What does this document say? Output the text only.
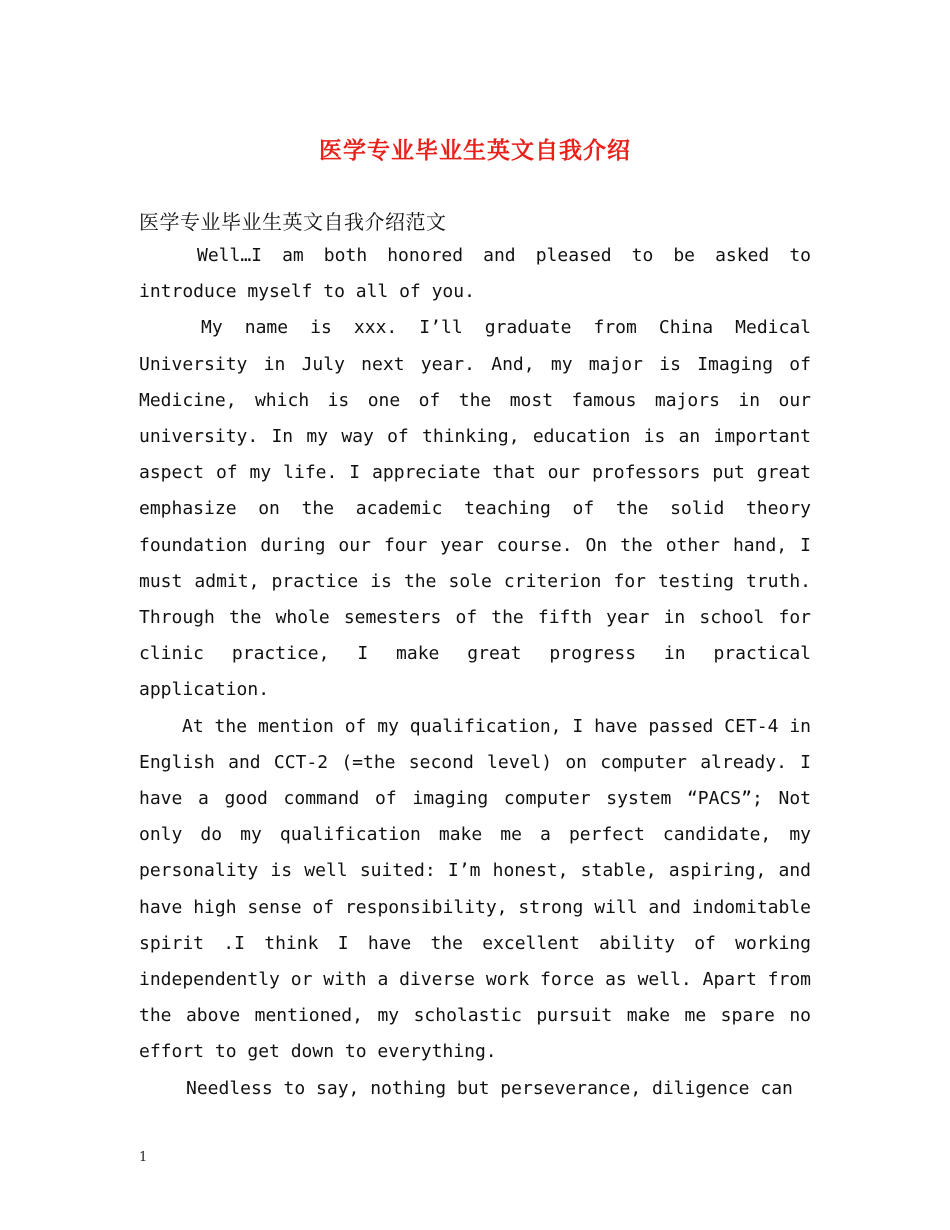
医学专业毕业生英文自我介绍
医学专业毕业生英文自我介绍范文

Well…I am both honored and pleased to be asked to introduce myself to all of you.

My name is xxx. I’ll graduate from China Medical University in July next year. And, my major is Imaging of Medicine, which is one of the most famous majors in our university. In my way of thinking, education is an important aspect of my life. I appreciate that our professors put great emphasize on the academic teaching of the solid theory foundation during our four year course. On the other hand, I must admit, practice is the sole criterion for testing truth. Through the whole semesters of the fifth year in school for clinic practice, I make great progress in practical application.

At the mention of my qualification, I have passed CET-4 in English and CCT-2 (=the second level) on computer already. I have a good command of imaging computer system “PACS”; Not only do my qualification make me a perfect candidate, my personality is well suited: I’m honest, stable, aspiring, and have high sense of responsibility, strong will and indomitable spirit .I think I have the excellent ability of working independently or with a diverse work force as well. Apart from the above mentioned, my scholastic pursuit make me spare no effort to get down to everything.

Needless to say, nothing but perseverance, diligence can

1
